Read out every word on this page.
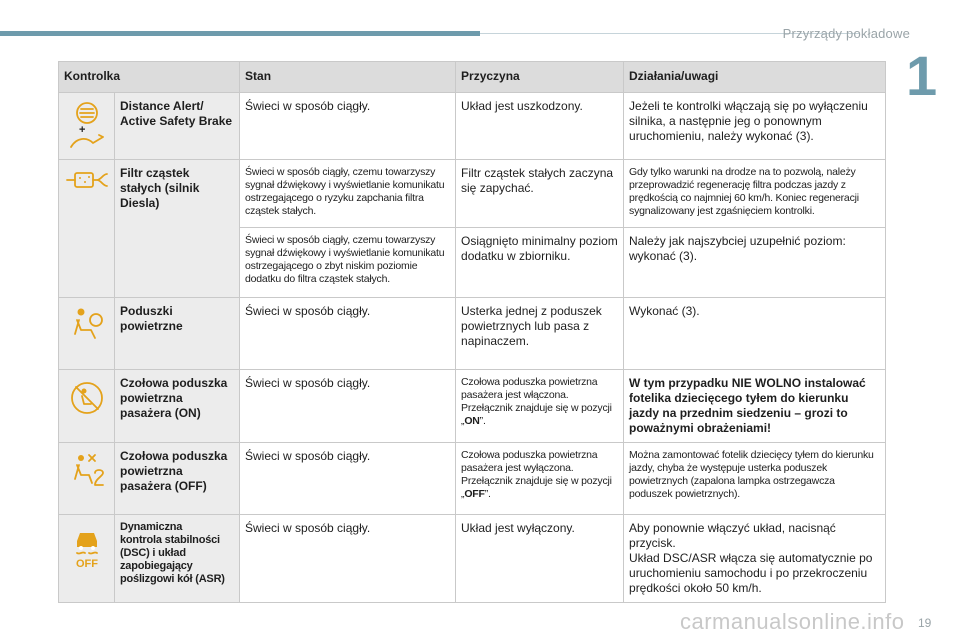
Przyrządy pokładowe
1
Kontrolka		Stan	Przyczyna	Działania/uwagi

+	Distance Alert/
Active Safety Brake	Świeci w sposób ciągły.	Układ jest uszkodzony.	Jeżeli te kontrolki włączają się po wyłączeniu silnika, a następnie jeg o ponownym uruchomieniu, należy wykonać (3).

	Filtr cząstek
stałych (silnik
Diesla)	Świeci w sposób ciągły, czemu towarzyszy sygnał dźwiękowy i wyświetlanie komunikatu ostrzegającego o ryzyku zapchania filtra cząstek stałych.	Filtr cząstek stałych zaczyna się zapychać.	Gdy tylko warunki na drodze na to pozwolą, należy przeprowadzić regenerację filtra podczas jazdy z prędkością co najmniej 60 km/h. Koniec regeneracji sygnalizowany jest zgaśnięciem kontrolki.
		Świeci w sposób ciągły, czemu towarzyszy sygnał dźwiękowy i wyświetlanie komunikatu ostrzegającego o zbyt niskim poziomie dodatku do filtra cząstek stałych.	Osiągnięto minimalny poziom dodatku w zbiorniku.	Należy jak najszybciej uzupełnić poziom: wykonać (3).

	Poduszki
powietrzne	Świeci w sposób ciągły.	Usterka jednej z poduszek powietrznych lub pasa z napinaczem.	Wykonać (3).

	Czołowa poduszka
powietrzna
pasażera (ON)	Świeci w sposób ciągły.	Czołowa poduszka powietrzna pasażera jest włączona. Przełącznik znajduje się w pozycji „ON”.	W tym przypadku NIE WOLNO instalować fotelika dziecięcego tyłem do kierunku jazdy na przednim siedzeniu – grozi to poważnymi obrażeniami!

	Czołowa poduszka
powietrzna
pasażera (OFF)	Świeci w sposób ciągły.	Czołowa poduszka powietrzna pasażera jest wyłączona. Przełącznik znajduje się w pozycji „OFF”.	Można zamontować fotelik dziecięcy tyłem do kierunku jazdy, chyba że występuje usterka poduszek powietrznych (zapalona lampka ostrzegawcza poduszek powietrznych).

OFF	Dynamiczna
kontrola stabilności
(DSC) i układ
zapobiegający
poślizgowi kół (ASR)	Świeci w sposób ciągły.	Układ jest wyłączony.	Aby ponownie włączyć układ, nacisnąć przycisk.
Układ DSC/ASR włącza się automatycznie po uruchomieniu samochodu i po przekroczeniu prędkości około 50 km/h.
carmanualsonline.info 19
